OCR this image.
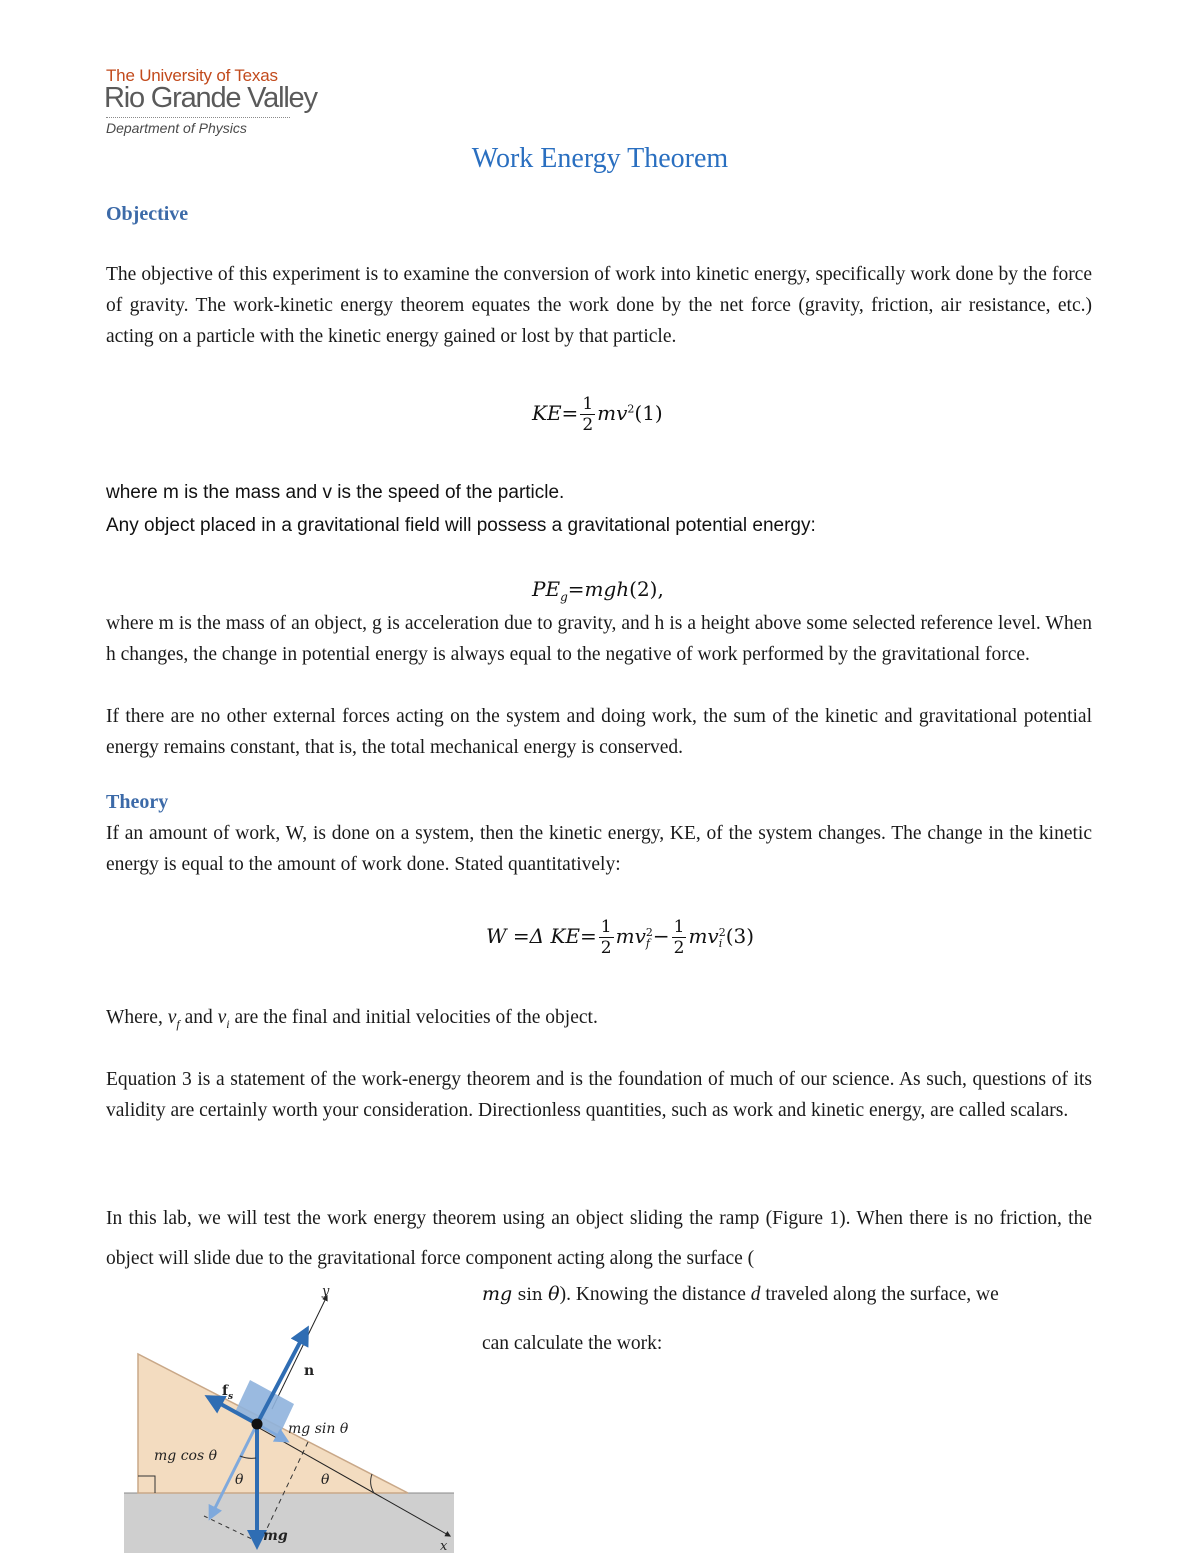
The University of Texas
Rio Grande Valley
Department of Physics
Work Energy Theorem
Objective
The objective of this experiment is to examine the conversion of work into kinetic energy, specifically work done by the force of gravity. The work-kinetic energy theorem equates the work done by the net force (gravity, friction, air resistance, etc.) acting on a particle with the kinetic energy gained or lost by that particle.
$KE= \frac{1}{2} mv^2(1)$
where m is the mass and v is the speed of the particle.
Any object placed in a gravitational field will possess a gravitational potential energy:
$PE_g=mgh(2)$,
where m is the mass of an object, g is acceleration due to gravity, and h is a height above some selected reference level. When h changes, the change in potential energy is always equal to the negative of work performed by the gravitational force.
If there are no other external forces acting on the system and doing work, the sum of the kinetic and gravitational potential energy remains constant, that is, the total mechanical energy is conserved.
Theory
If an amount of work, W, is done on a system, then the kinetic energy, KE, of the system changes. The change in the kinetic energy is equal to the amount of work done. Stated quantitatively:
W =Δ $KE= \frac{1}{2}$ mv 2
$f - \frac{1}{2}$ mv 2
i (3)
Where, $v_f$ and $v_i$ are the final and initial velocities of the object.
Equation 3 is a statement of the work-energy theorem and is the foundation of much of our science. As such, questions of its validity are certainly worth your consideration. Directionless quantities, such as work and kinetic energy, are called scalars.
In this lab, we will test the work energy theorem using an object sliding the ramp (Figure 1). When there is no friction, the object will slide due to the gravitational force component acting along the surface (
mg sin θ). Knowing the distance d traveled along the surface, we
can calculate the work:
y
x
n
$f_s$
mg sin θ
mg cos θ
mg
θ	θ
